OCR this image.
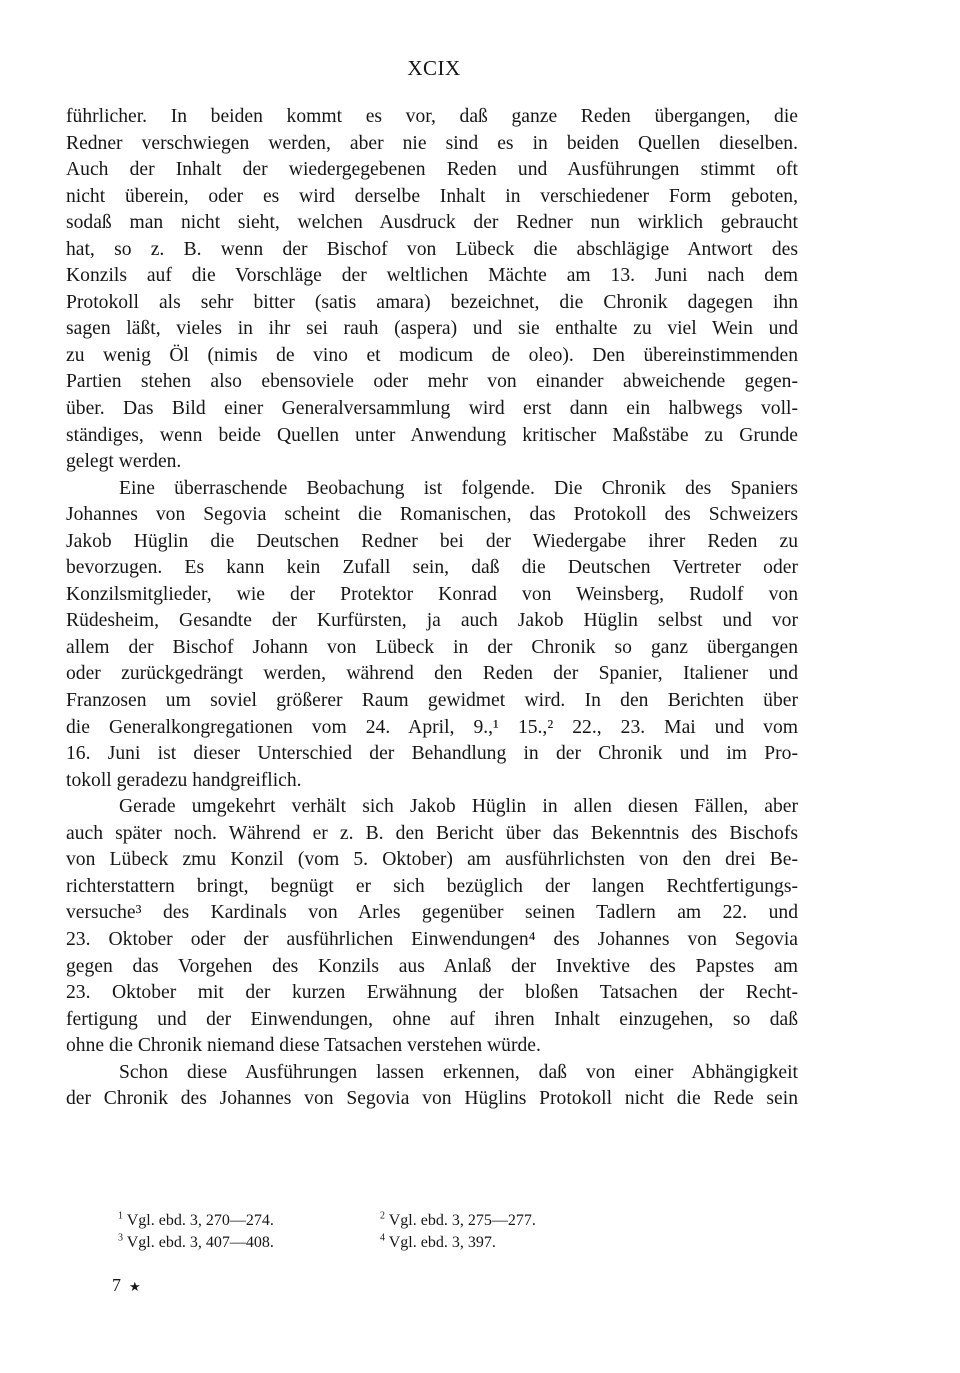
XCIX
führlicher. In beiden kommt es vor, daß ganze Reden übergangen, die
Redner verschwiegen werden, aber nie sind es in beiden Quellen dieselben.
Auch der Inhalt der wiedergegebenen Reden und Ausführungen stimmt oft
nicht überein, oder es wird derselbe Inhalt in verschiedener Form geboten,
sodaß man nicht sieht, welchen Ausdruck der Redner nun wirklich gebraucht
hat, so z. B. wenn der Bischof von Lübeck die abschlägige Antwort des
Konzils auf die Vorschläge der weltlichen Mächte am 13. Juni nach dem
Protokoll als sehr bitter (satis amara) bezeichnet, die Chronik dagegen ihn
sagen läßt, vieles in ihr sei rauh (aspera) und sie enthalte zu viel Wein und
zu wenig Öl (nimis de vino et modicum de oleo). Den übereinstimmenden
Partien stehen also ebensoviele oder mehr von einander abweichende gegen-
über. Das Bild einer Generalversammlung wird erst dann ein halbwegs voll-
ständiges, wenn beide Quellen unter Anwendung kritischer Maßstäbe zu Grunde
gelegt werden.
Eine überraschende Beobachung ist folgende. Die Chronik des Spaniers
Johannes von Segovia scheint die Romanischen, das Protokoll des Schweizers
Jakob Hüglin die Deutschen Redner bei der Wiedergabe ihrer Reden zu
bevorzugen. Es kann kein Zufall sein, daß die Deutschen Vertreter oder
Konzilsmitglieder, wie der Protektor Konrad von Weinsberg, Rudolf von
Rüdesheim, Gesandte der Kurfürsten, ja auch Jakob Hüglin selbst und vor
allem der Bischof Johann von Lübeck in der Chronik so ganz übergangen
oder zurückgedrängt werden, während den Reden der Spanier, Italiener und
Franzosen um soviel größerer Raum gewidmet wird. In den Berichten über
die Generalkongregationen vom 24. April, 9.,¹ 15.,² 22., 23. Mai und vom
16. Juni ist dieser Unterschied der Behandlung in der Chronik und im Pro-
tokoll geradezu handgreiflich.
Gerade umgekehrt verhält sich Jakob Hüglin in allen diesen Fällen, aber
auch später noch. Während er z. B. den Bericht über das Bekenntnis des Bischofs
von Lübeck zmu Konzil (vom 5. Oktober) am ausführlichsten von den drei Be-
richterstattern bringt, begnügt er sich bezüglich der langen Rechtfertigungs-
versuche³ des Kardinals von Arles gegenüber seinen Tadlern am 22. und
23. Oktober oder der ausführlichen Einwendungen⁴ des Johannes von Segovia
gegen das Vorgehen des Konzils aus Anlaß der Invektive des Papstes am
23. Oktober mit der kurzen Erwähnung der bloßen Tatsachen der Recht-
fertigung und der Einwendungen, ohne auf ihren Inhalt einzugehen, so daß
ohne die Chronik niemand diese Tatsachen verstehen würde.
Schon diese Ausführungen lassen erkennen, daß von einer Abhängigkeit
der Chronik des Johannes von Segovia von Hüglins Protokoll nicht die Rede sein
$^1$ Vgl. ebd. 3, 270—274.	$^2$ Vgl. ebd. 3, 275—277.
$^3$ Vgl. ebd. 3, 407—408.	$^4$ Vgl. ebd. 3, 397.
7 ★
